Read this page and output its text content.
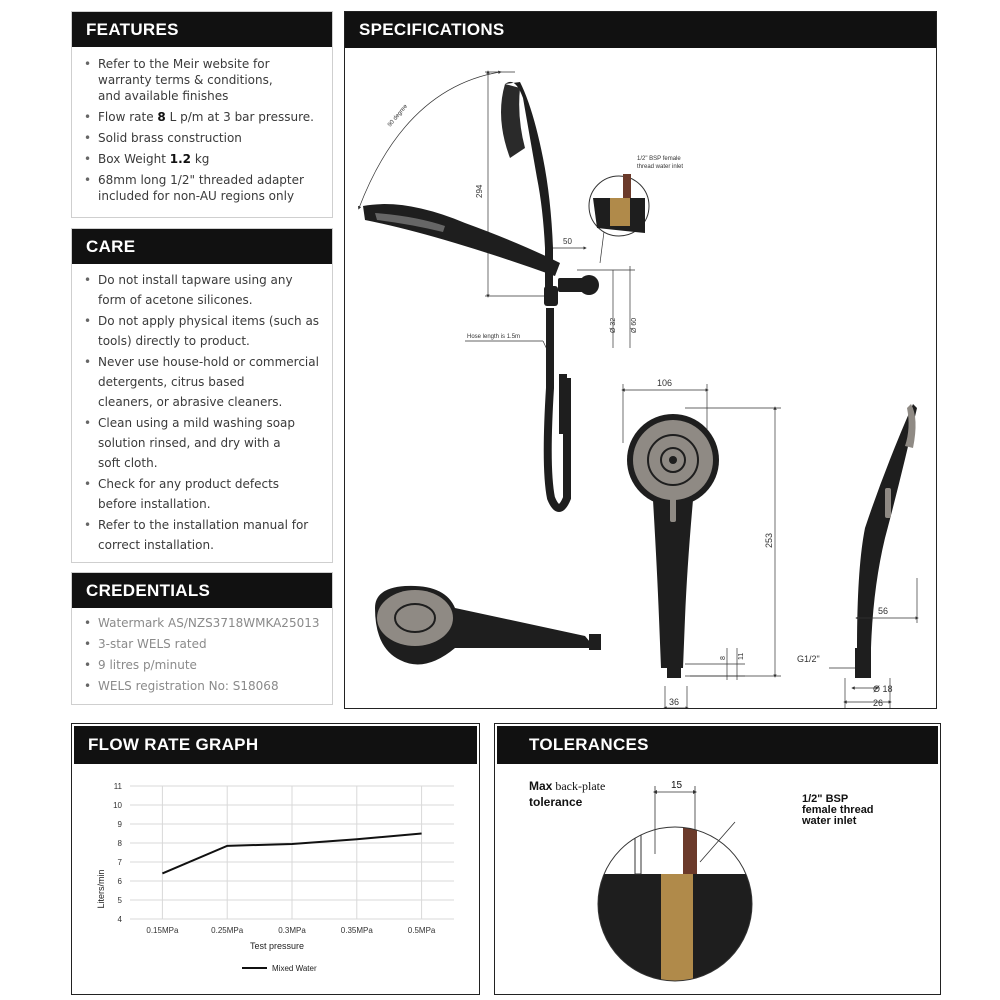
FEATURES
• Refer to the Meir website for
warranty terms & conditions,
and available finishes
• Flow rate 8 L p/m at 3 bar pressure.
• Solid brass construction
• Box Weight 1.2 kg
• 68mm long 1/2" threaded adapter
included for non-AU regions only
CARE
• Do not install tapware using any
form of acetone silicones.
• Do not apply physical items (such as
tools) directly to product.
• Never use house-hold or commercial
detergents, citrus based
cleaners, or abrasive cleaners.
• Clean using a mild washing soap
solution rinsed, and dry with a
soft cloth.
• Check for any product defects
before installation.
• Refer to the installation manual for
correct installation.
CREDENTIALS
• Watermark AS/NZS3718WMKA25013
• 3-star WELS rated
• 9 litres p/minute
• WELS registration No: S18068
SPECIFICATIONS
90 degree
294
50
1/2" BSP female
thread water inlet
Ø 32 Ø 60
Hose length is 1.5m
106
253
56
8 11
36
G1/2"
Ø 18
26
FLOW RATE GRAPH
4
5
6
7
8
9
10
11
0.15MPa	0.25MPa	0.3MPa	0.35MPa	0.5MPa
Liters/min
Test pressure
Mixed Water
TOLERANCES
Max back-plate
tolerance	1/2" BSP
female thread
water inlet
15
